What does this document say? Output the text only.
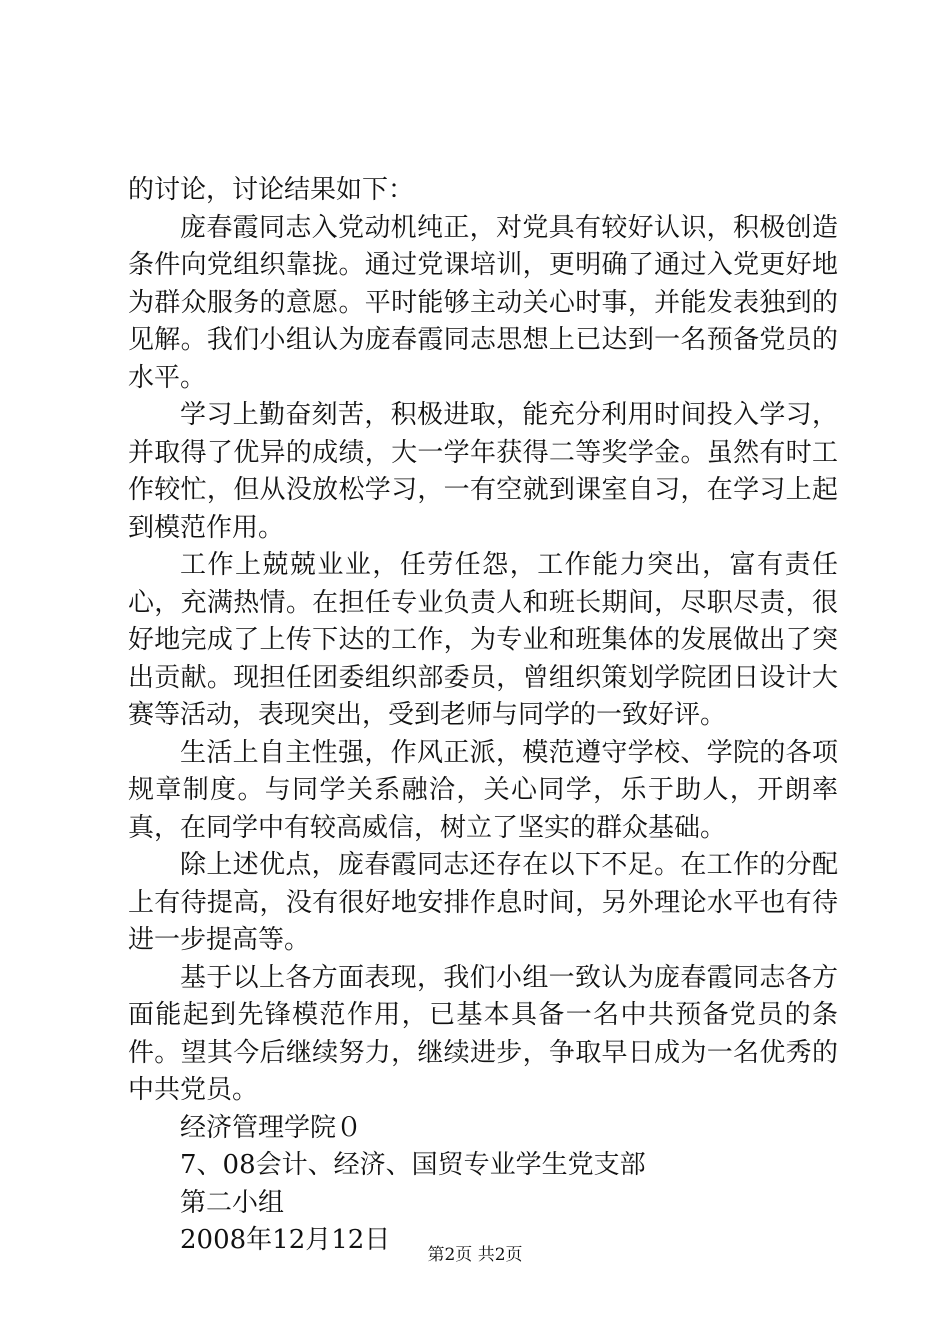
的讨论，讨论结果如下：

庞春霞同志入党动机纯正，对党具有较好认识，积极创造条件向党组织靠拢。通过党课培训，更明确了通过入党更好地为群众服务的意愿。平时能够主动关心时事，并能发表独到的见解。我们小组认为庞春霞同志思想上已达到一名预备党员的水平。

学习上勤奋刻苦，积极进取，能充分利用时间投入学习，并取得了优异的成绩，大一学年获得二等奖学金。虽然有时工作较忙，但从没放松学习，一有空就到课室自习，在学习上起到模范作用。

工作上兢兢业业，任劳任怨，工作能力突出，富有责任心，充满热情。在担任专业负责人和班长期间，尽职尽责，很好地完成了上传下达的工作，为专业和班集体的发展做出了突出贡献。现担任团委组织部委员，曾组织策划学院团日设计大赛等活动，表现突出，受到老师与同学的一致好评。

生活上自主性强，作风正派，模范遵守学校、学院的各项规章制度。与同学关系融洽，关心同学，乐于助人，开朗率真，在同学中有较高威信，树立了坚实的群众基础。

除上述优点，庞春霞同志还存在以下不足。在工作的分配上有待提高，没有很好地安排作息时间，另外理论水平也有待进一步提高等。

基于以上各方面表现，我们小组一致认为庞春霞同志各方面能起到先锋模范作用，已基本具备一名中共预备党员的条件。望其今后继续努力，继续进步，争取早日成为一名优秀的中共党员。

经济管理学院０

7、08会计、经济、国贸专业学生党支部

第二小组

2008年12月12日	第2页 共2页
